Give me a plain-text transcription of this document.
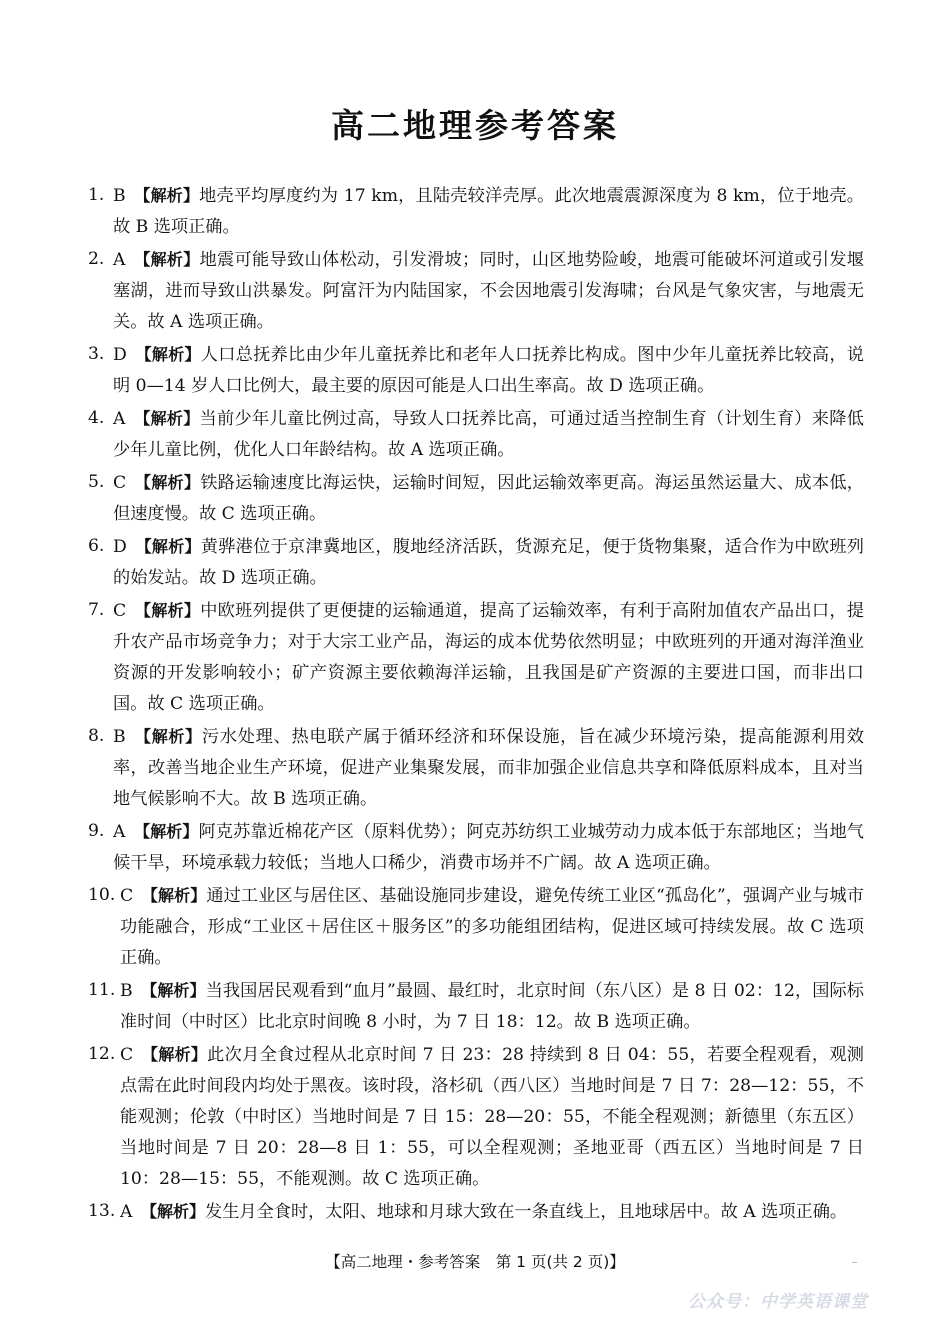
高二地理参考答案
1. B  【解析】地壳平均厚度约为 17 km，且陆壳较洋壳厚。此次地震震源深度为 8 km，位于地壳。故 B 选项正确。
2. A  【解析】地震可能导致山体松动，引发滑坡；同时，山区地势险峻，地震可能破坏河道或引发堰塞湖，进而导致山洪暴发。阿富汗为内陆国家，不会因地震引发海啸；台风是气象灾害，与地震无关。故 A 选项正确。
3. D  【解析】人口总抚养比由少年儿童抚养比和老年人口抚养比构成。图中少年儿童抚养比较高，说明 0—14 岁人口比例大，最主要的原因可能是人口出生率高。故 D 选项正确。
4. A  【解析】当前少年儿童比例过高，导致人口抚养比高，可通过适当控制生育（计划生育）来降低少年儿童比例，优化人口年龄结构。故 A 选项正确。
5. C  【解析】铁路运输速度比海运快，运输时间短，因此运输效率更高。海运虽然运量大、成本低，但速度慢。故 C 选项正确。
6. D  【解析】黄骅港位于京津冀地区，腹地经济活跃，货源充足，便于货物集聚，适合作为中欧班列的始发站。故 D 选项正确。
7. C  【解析】中欧班列提供了更便捷的运输通道，提高了运输效率，有利于高附加值农产品出口，提升农产品市场竞争力；对于大宗工业产品，海运的成本优势依然明显；中欧班列的开通对海洋渔业资源的开发影响较小；矿产资源主要依赖海洋运输，且我国是矿产资源的主要进口国，而非出口国。故 C 选项正确。
8. B  【解析】污水处理、热电联产属于循环经济和环保设施，旨在减少环境污染，提高能源利用效率，改善当地企业生产环境，促进产业集聚发展，而非加强企业信息共享和降低原料成本，且对当地气候影响不大。故 B 选项正确。
9. A  【解析】阿克苏靠近棉花产区（原料优势）；阿克苏纺织工业城劳动力成本低于东部地区；当地气候干旱，环境承载力较低；当地人口稀少，消费市场并不广阔。故 A 选项正确。
10. C  【解析】通过工业区与居住区、基础设施同步建设，避免传统工业区“孤岛化”，强调产业与城市功能融合，形成“工业区＋居住区＋服务区”的多功能组团结构，促进区域可持续发展。故 C 选项正确。
11. B  【解析】当我国居民观看到“血月”最圆、最红时，北京时间（东八区）是 8 日 02：12，国际标准时间（中时区）比北京时间晚 8 小时，为 7 日 18：12。故 B 选项正确。
12. C  【解析】此次月全食过程从北京时间 7 日 23：28 持续到 8 日 04：55，若要全程观看，观测点需在此时间段内均处于黑夜。该时段，洛杉矶（西八区）当地时间是 7 日 7：28—12：55，不能观测；伦敦（中时区）当地时间是 7 日 15：28—20：55，不能全程观测；新德里（东五区）当地时间是 7 日 20：28—8 日 1：55，可以全程观测；圣地亚哥（西五区）当地时间是 7 日 10：28—15：55，不能观测。故 C 选项正确。
13. A  【解析】发生月全食时，太阳、地球和月球大致在一条直线上，且地球居中。故 A 选项正确。
【高二地理・参考答案　第 1 页(共 2 页)】
公众号：中学英语课堂
